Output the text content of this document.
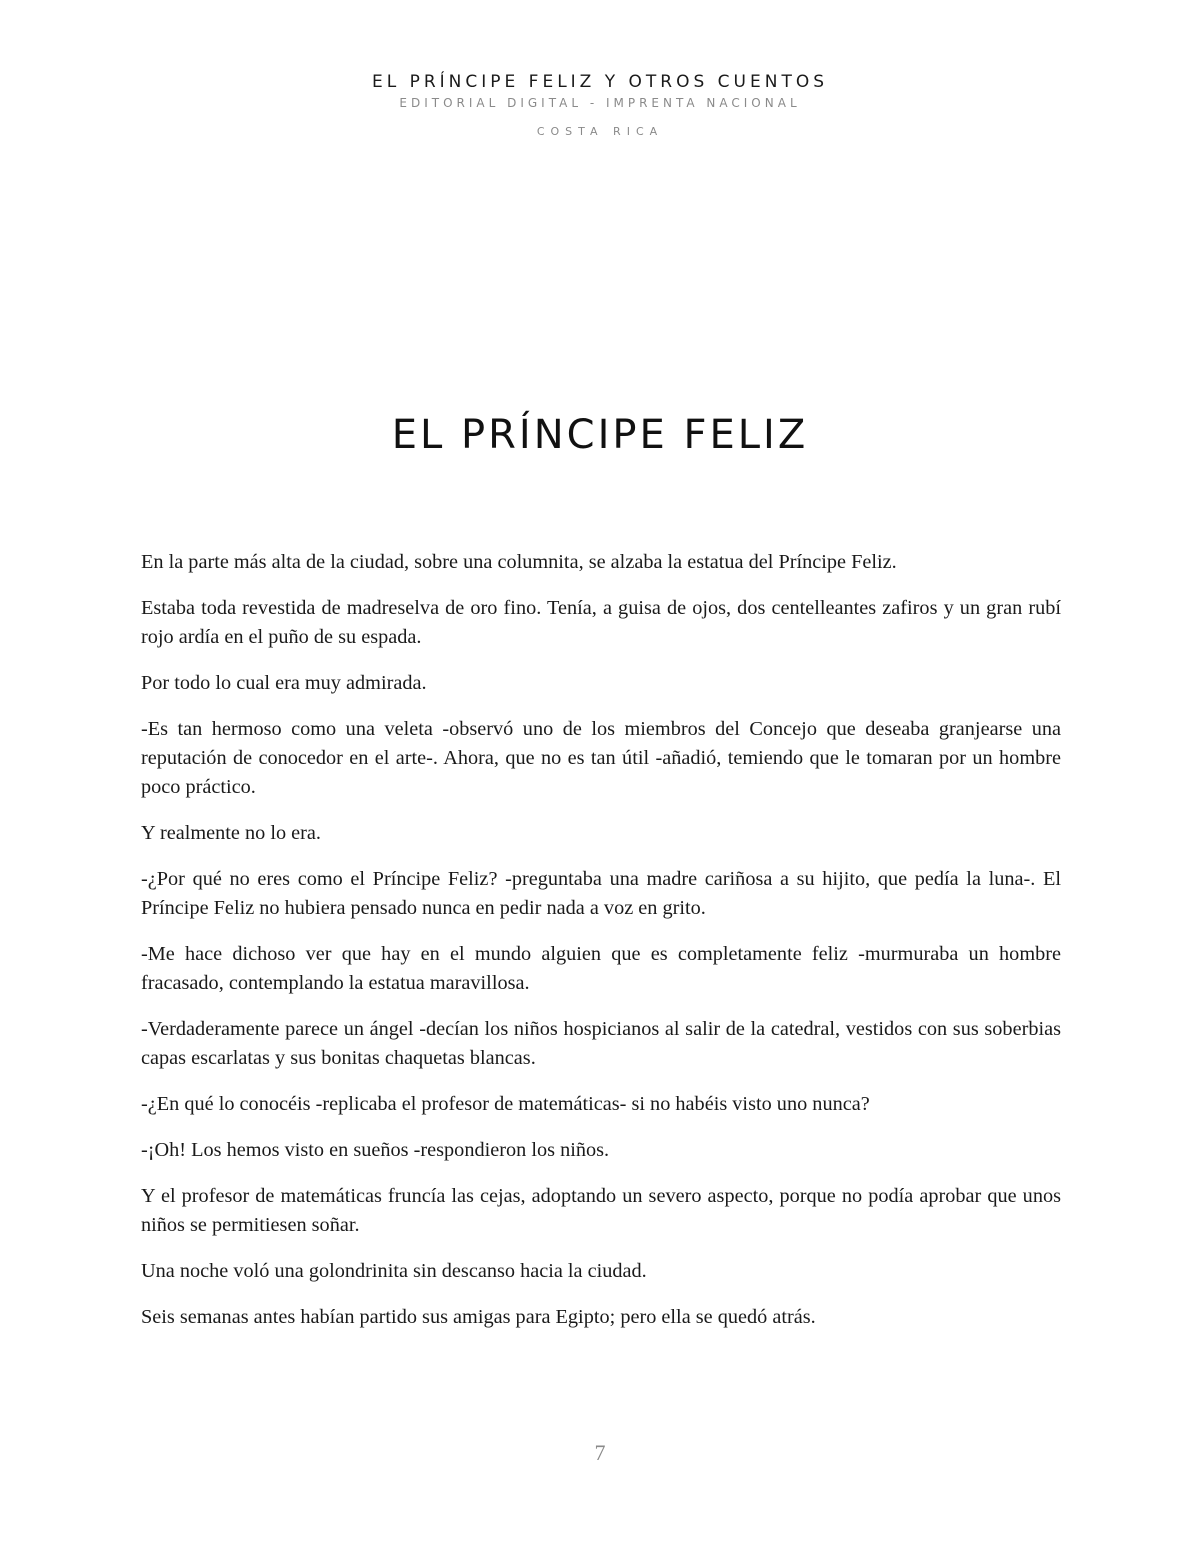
EL PRÍNCIPE FELIZ Y OTROS CUENTOS
EDITORIAL DIGITAL - IMPRENTA NACIONAL
COSTA RICA
EL PRÍNCIPE FELIZ

En la parte más alta de la ciudad, sobre una columnita, se alzaba la estatua del Príncipe Feliz.

Estaba toda revestida de madreselva de oro fino. Tenía, a guisa de ojos, dos centelleantes zafiros y un gran rubí rojo ardía en el puño de su espada.

Por todo lo cual era muy admirada.

-Es tan hermoso como una veleta -observó uno de los miembros del Concejo que deseaba granjearse una reputación de conocedor en el arte-. Ahora, que no es tan útil -añadió, temiendo que le tomaran por un hombre poco práctico.

Y realmente no lo era.

-¿Por qué no eres como el Príncipe Feliz? -preguntaba una madre cariñosa a su hijito, que pedía la luna-. El Príncipe Feliz no hubiera pensado nunca en pedir nada a voz en grito.

-Me hace dichoso ver que hay en el mundo alguien que es completamente feliz -murmuraba un hombre fracasado, contemplando la estatua maravillosa.

-Verdaderamente parece un ángel -decían los niños hospicianos al salir de la catedral, vestidos con sus soberbias capas escarlatas y sus bonitas chaquetas blancas.

-¿En qué lo conocéis -replicaba el profesor de matemáticas- si no habéis visto uno nunca?

-¡Oh! Los hemos visto en sueños -respondieron los niños.

Y el profesor de matemáticas fruncía las cejas, adoptando un severo aspecto, porque no podía aprobar que unos niños se permitiesen soñar.

Una noche voló una golondrinita sin descanso hacia la ciudad.

Seis semanas antes habían partido sus amigas para Egipto; pero ella se quedó atrás.

7
